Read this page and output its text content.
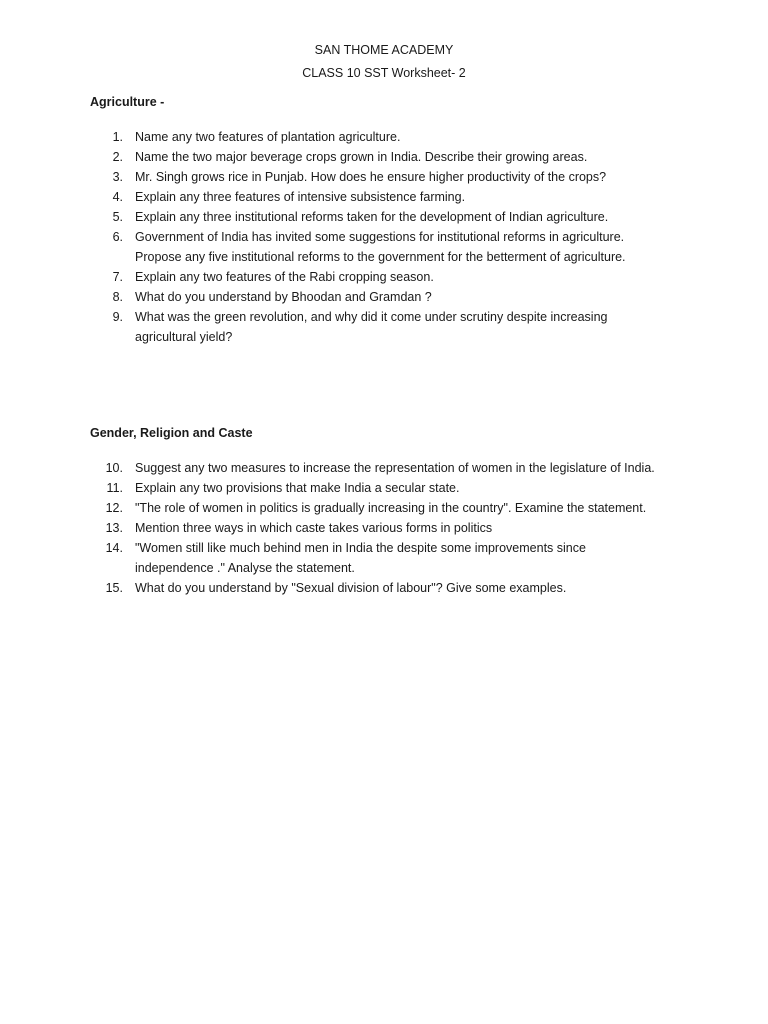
SAN THOME ACADEMY
CLASS 10 SST Worksheet- 2
Agriculture -
1. Name any two features of plantation agriculture.
2. Name the two major beverage crops grown in India. Describe their growing areas.
3. Mr. Singh grows rice in Punjab. How does he ensure higher productivity of the crops?
4. Explain any three features of intensive subsistence farming.
5. Explain any three institutional reforms taken for the development of Indian agriculture.
6. Government of India has invited some suggestions for institutional reforms in agriculture.
Propose any five institutional reforms to the government for the betterment of agriculture.
7. Explain any two features of the Rabi cropping season.
8. What do you understand by Bhoodan and Gramdan ?
9. What was the green revolution, and why did it come under scrutiny despite increasing
agricultural yield?
Gender, Religion and Caste
10. Suggest any two measures to increase the representation of women in the legislature of India.
11. Explain any two provisions that make India a secular state.
12. "The role of women in politics is gradually increasing in the country". Examine the statement.
13. Mention three ways in which caste takes various forms in politics
14. "Women still like much behind men in India the despite some improvements since
independence ." Analyse the statement.
15. What do you understand by "Sexual division of labour"? Give some examples.
